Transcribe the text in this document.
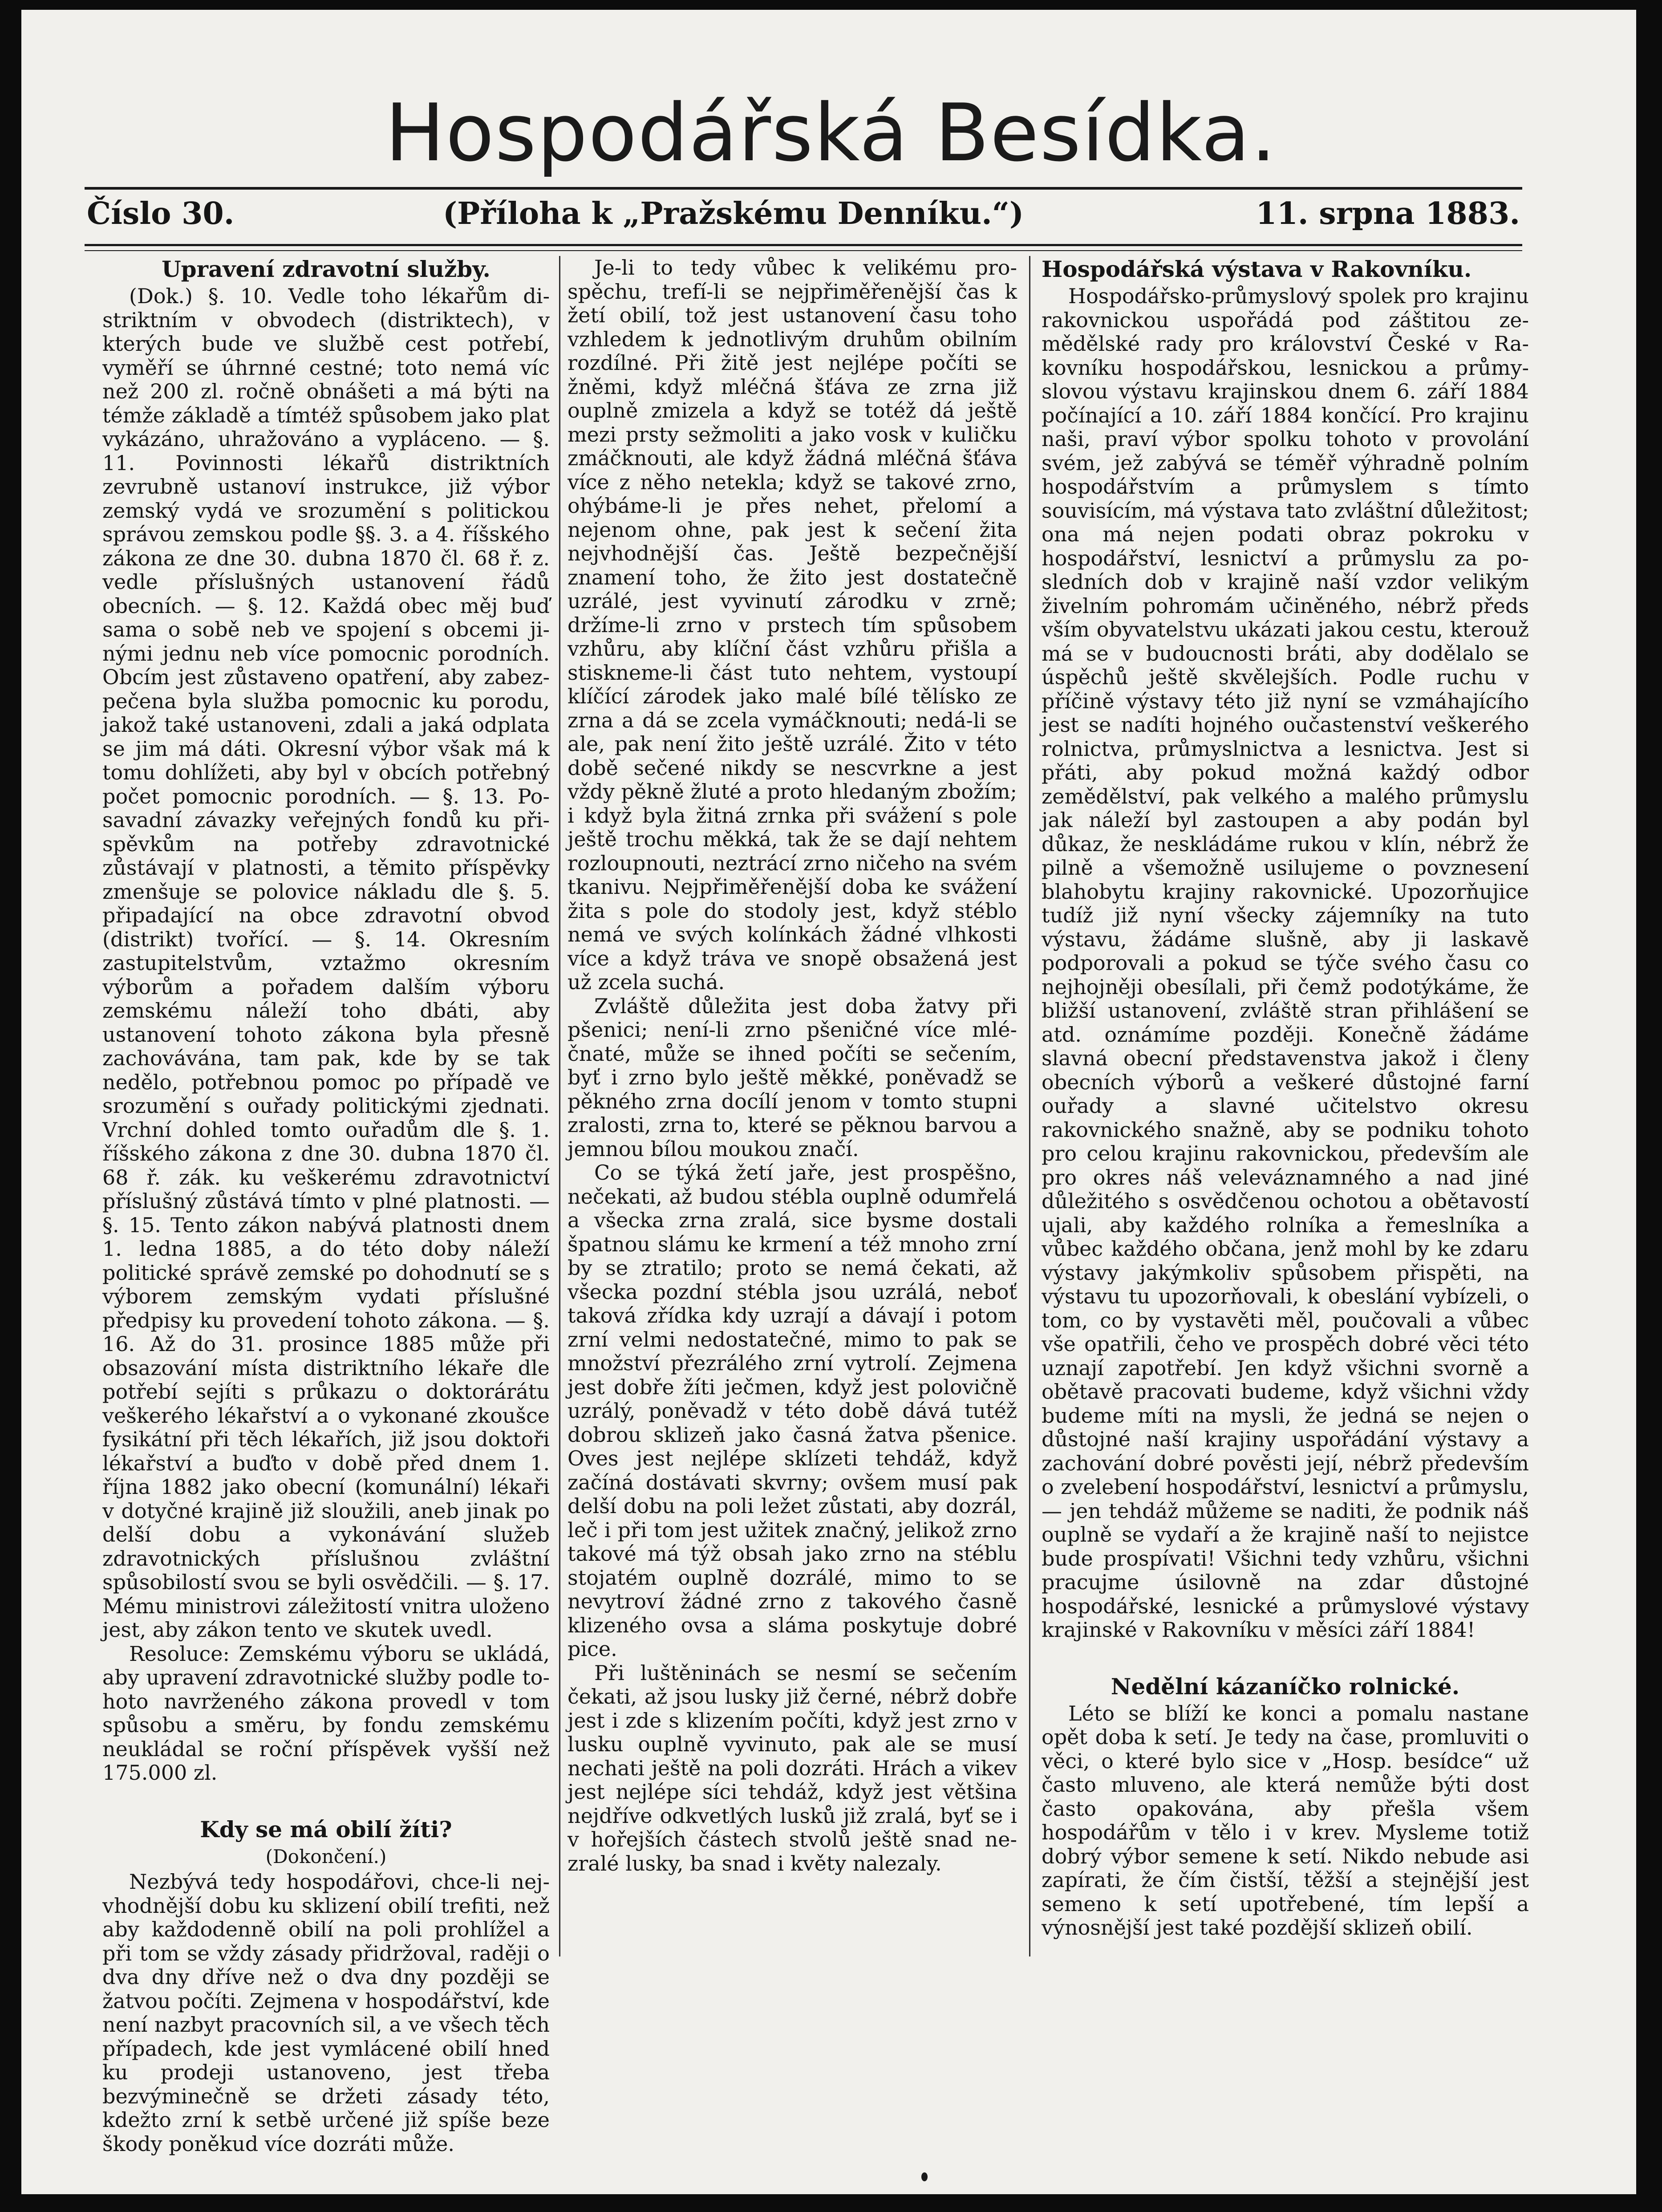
Hospodářská Besídka.
Číslo 30.	(Příloha k „Pražskému Denníku.“)	11. srpna 1883.
Upravení zdravotní služby.

(Dok.) §. 10. Vedle toho lékařům distriktním v obvodech (distriktech), v kterých bude ve službě cest potřebí, vyměří se úhrnné cestné; toto nemá víc než 200 zl. ročně obnášeti a má býti na témže základě a tímtéž spůsobem jako plat vykázáno, uhražováno a vypláceno. — §. 11. Povinnosti lékařů distriktních zevrubně ustanoví instrukce, již výbor zemský vydá ve srozumění s politickou správou zemskou podle §§. 3. a 4. říšského zákona ze dne 30. dubna 1870 čl. 68 ř. z. vedle příslušných ustanovení řádů obecních. — §. 12. Každá obec měj buď sama o sobě neb ve spojení s obcemi jinými jednu neb více pomocnic porodních. Obcím jest zůstaveno opatření, aby zabezpečena byla služba pomocnic ku porodu, jakož také ustanoveni, zdali a jaká odplata se jim má dáti. Okresní výbor však má k tomu dohlížeti, aby byl v obcích potřebný počet pomocnic porodních. — §. 13. Posavadní závazky veřejných fondů ku přispěvkům na potřeby zdravotnické zůstávají v platnosti, a těmito příspěvky zmenšuje se polovice nákladu dle §. 5. připadající na obce zdravotní obvod (distrikt) tvořící. — §. 14. Okresním zastupitelstvům, vztažmo okresním výborům a pořadem dalším výboru zemskému náleží toho dbáti, aby ustanovení tohoto zákona byla přesně zachovávána, tam pak, kde by se tak nedělo, potřebnou pomoc po případě ve srozumění s ouřady politickými zjednati. Vrchní dohled tomto ouřadům dle §. 1. říšského zákona z dne 30. dubna 1870 čl. 68 ř. zák. ku veškerému zdravotnictví příslušný zůstává tímto v plné platnosti. — §. 15. Tento zákon nabývá platnosti dnem 1. ledna 1885, a do této doby náleží politické správě zemské po dohodnutí se s výborem zemským vydati příslušné předpisy ku provedení tohoto zákona. — §. 16. Až do 31. prosince 1885 může při obsazování místa distriktního lékaře dle potřebí sejíti s průkazu o doktorárátu veškerého lékařství a o vykonané zkoušce fysikátní při těch lékařích, již jsou doktoři lékařství a buďto v době před dnem 1. října 1882 jako obecní (komunální) lékaři v dotyčné krajině již sloužili, aneb jinak po delší dobu a vykonávání služeb zdravotnických příslušnou zvláštní spůsobilostí svou se byli osvědčili. — §. 17. Mému ministrovi záležitostí vnitra uloženo jest, aby zákon tento ve skutek uvedl.

Resoluce: Zemskému výboru se ukládá, aby upravení zdravotnické služby podle tohoto navrženého zákona provedl v tom spůsobu a směru, by fondu zemskému neukládal se roční příspěvek vyšší než 175.000 zl.

Kdy se má obilí žíti?
(Dokončení.)

Nezbývá tedy hospodářovi, chce-li nejvhodnější dobu ku sklizení obilí trefiti, než aby každodenně obilí na poli prohlížel a při tom se vždy zásady přidržoval, raději o dva dny dříve než o dva dny později se žatvou počíti. Zejmena v hospodářství, kde není nazbyt pracovních sil, a ve všech těch případech, kde jest vymlácené obilí hned ku prodeji ustanoveno, jest třeba bezvýminečně se držeti zásady této, kdežto zrní k setbě určené již spíše beze škody poněkud více dozráti může.

Je-li to tedy vůbec k velikému prospěchu, trefí-li se nejpřiměřenější čas k žetí obilí, tož jest ustanovení času toho vzhledem k jednotlivým druhům obilním rozdílné. Při žitě jest nejlépe počíti se žněmi, když mléčná šťáva ze zrna již ouplně zmizela a když se totéž dá ještě mezi prsty sežmoliti a jako vosk v kuličku zmáčknouti, ale když žádná mléčná šťáva více z něho netekla; když se takové zrno, ohýbáme-li je přes nehet, přelomí a nejenom ohne, pak jest k sečení žita nejvhodnější čas. Ještě bezpečnější znamení toho, že žito jest dostatečně uzrálé, jest vyvinutí zárodku v zrně; držíme-li zrno v prstech tím spůsobem vzhůru, aby klíční část vzhůru přišla a stiskneme-li část tuto nehtem, vystoupí klíčící zárodek jako malé bílé tělísko ze zrna a dá se zcela vymáčknouti; nedá-li se ale, pak není žito ještě uzrálé. Žito v této době sečené nikdy se nescvrkne a jest vždy pěkně žluté a proto hledaným zbožím; i když byla žitná zrnka při svážení s pole ještě trochu měkká, tak že se dají nehtem rozloupnouti, neztrácí zrno ničeho na svém tkanivu. Nejpřiměřenější doba ke svážení žita s pole do stodoly jest, když stéblo nemá ve svých kolínkách žádné vlhkosti více a když tráva ve snopě obsažená jest už zcela suchá.

Zvláště důležita jest doba žatvy při pšenici; není-li zrno pšeničné více mléčnaté, může se ihned počíti se sečením, byť i zrno bylo ještě měkké, poněvadž se pěkného zrna docílí jenom v tomto stupni zralosti, zrna to, které se pěknou barvou a jemnou bílou moukou značí.

Co se týká žetí jaře, jest prospěšno, nečekati, až budou stébla ouplně odumřelá a všecka zrna zralá, sice bysme dostali špatnou slámu ke krmení a též mnoho zrní by se ztratilo; proto se nemá čekati, až všecka pozdní stébla jsou uzrálá, neboť taková zřídka kdy uzrají a dávají i potom zrní velmi nedostatečné, mimo to pak se množství přezrálého zrní vytrolí. Zejmena jest dobře žíti ječmen, když jest polovičně uzrálý, poněvadž v této době dává tutéž dobrou sklizeň jako časná žatva pšenice. Oves jest nejlépe sklízeti tehdáž, když začíná dostávati skvrny; ovšem musí pak delší dobu na poli ležet zůstati, aby dozrál, leč i při tom jest užitek značný, jelikož zrno takové má týž obsah jako zrno na stéblu stojatém ouplně dozrálé, mimo to se nevytroví žádné zrno z takového časně klizeného ovsa a sláma poskytuje dobré pice.

Při luštěninách se nesmí se sečením čekati, až jsou lusky již černé, nébrž dobře jest i zde s klizením počíti, když jest zrno v lusku ouplně vyvinuto, pak ale se musí nechati ještě na poli dozráti. Hrách a vikev jest nejlépe síci tehdáž, když jest většina nejdříve odkvetlých lusků již zralá, byť se i v hořejších částech stvolů ještě snad nezralé lusky, ba snad i květy nalezaly.

Hospodářská výstava v Rakovníku.

Hospodářsko-průmyslový spolek pro krajinu rakovnickou uspořádá pod záštitou zemědělské rady pro království České v Rakovníku hospodářskou, lesnickou a průmyslovou výstavu krajinskou dnem 6. září 1884 počínající a 10. září 1884 končící. Pro krajinu naši, praví výbor spolku tohoto v provolání svém, jež zabývá se téměř výhradně polním hospodářstvím a průmyslem s tímto souvisícím, má výstava tato zvláštní důležitost; ona má nejen podati obraz pokroku v hospodářství, lesnictví a průmyslu za posledních dob v krajině naší vzdor velikým živelním pohromám učiněného, nébrž předs vším obyvatelstvu ukázati jakou cestu, kterouž má se v budoucnosti bráti, aby dodělalo se úspěchů ještě skvělejších. Podle ruchu v příčině výstavy této již nyní se vzmáhajícího jest se nadíti hojného oučastenství veškerého rolnictva, průmyslnictva a lesnictva. Jest si přáti, aby pokud možná každý odbor zemědělství, pak velkého a malého průmyslu jak náleží byl zastoupen a aby podán byl důkaz, že neskládáme rukou v klín, nébrž že pilně a všemožně usilujeme o povznesení blahobytu krajiny rakovnické. Upozorňujice tudíž již nyní všecky zájemníky na tuto výstavu, žádáme slušně, aby ji laskavě podporovali a pokud se týče svého času co nejhojněji obesílali, při čemž podotýkáme, že bližší ustanovení, zvláště stran přihlášení se atd. oznámíme později. Konečně žádáme slavná obecní představenstva jakož i členy obecních výborů a veškeré důstojné farní ouřady a slavné učitelstvo okresu rakovnického snažně, aby se podniku tohoto pro celou krajinu rakovnickou, především ale pro okres náš veleváznamného a nad jiné důležitého s osvědčenou ochotou a obětavostí ujali, aby každého rolníka a řemeslníka a vůbec každého občana, jenž mohl by ke zdaru výstavy jakýmkoliv spůsobem přispěti, na výstavu tu upozorňovali, k obeslání vybízeli, o tom, co by vystavěti měl, poučovali a vůbec vše opatřili, čeho ve prospěch dobré věci této uznají zapotřebí. Jen když všichni svorně a obětavě pracovati budeme, když všichni vždy budeme míti na mysli, že jedná se nejen o důstojné naší krajiny uspořádání výstavy a zachování dobré pověsti její, nébrž především o zvelebení hospodářství, lesnictví a průmyslu, — jen tehdáž můžeme se naditi, že podnik náš ouplně se vydaří a že krajině naší to nejistce bude prospívati! Všichni tedy vzhůru, všichni pracujme úsilovně na zdar důstojné hospodářské, lesnické a průmyslové výstavy krajinské v Rakovníku v měsíci září 1884!

Nedělní kázaníčko rolnické.

Léto se blíží ke konci a pomalu nastane opět doba k setí. Je tedy na čase, promluviti o věci, o které bylo sice v „Hosp. besídce“ už často mluveno, ale která nemůže býti dost často opakována, aby přešla všem hospodářům v tělo i v krev. Mysleme totiž dobrý výbor semene k setí. Nikdo nebude asi zapírati, že čím čistší, těžší a stejnější jest semeno k setí upotřebené, tím lepší a výnosnější jest také pozdější sklizeň obilí.
